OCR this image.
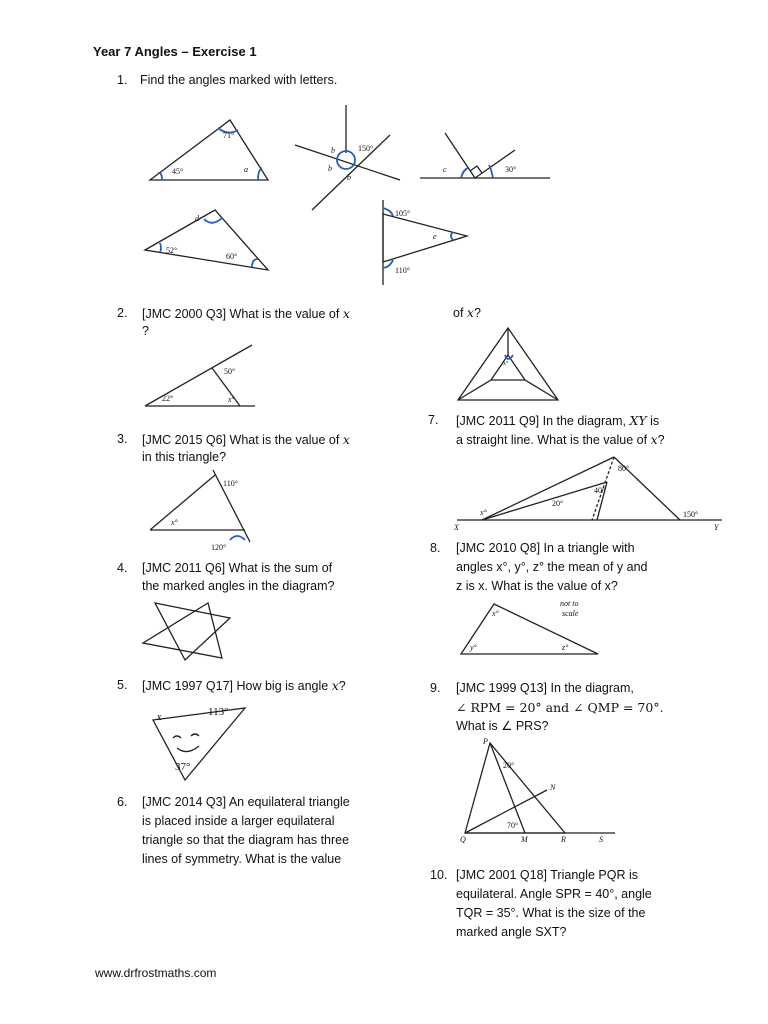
Year 7 Angles – Exercise 1
1. Find the angles marked with letters.
71°
45°	a
150°
b
b
b
c	30°
d
52°
60°
105°
e
110°
2. [JMC 2000 Q3] What is the value of x
?
50°
22°	x°
3. [JMC 2015 Q6] What is the value of x
in this triangle?
110°
x°
120°
4. [JMC 2011 Q6] What is the sum of
the marked angles in the diagram?
5. [JMC 1997 Q17] How big is angle x?
x	113°
37°
6. [JMC 2014 Q3] An equilateral triangle
is placed inside a larger equilateral
triangle so that the diagram has three
lines of symmetry. What is the value
of x?
x°
7. [JMC 2011 Q9] In the diagram, XY is
a straight line. What is the value of x?
80°
40°
20°
x°	150°
X	Y
8. [JMC 2010 Q8] In a triangle with
angles x°, y°, z° the mean of y and
z is x. What is the value of x?
x°
y°	z°
not to
scale
9. [JMC 1999 Q13] In the diagram,
∠ RPM = 20° and ∠ QMP = 70°.
What is ∠ PRS?
P
N
20°
70°
Q	M	R	S
10. [JMC 2001 Q18] Triangle PQR is
equilateral. Angle SPR = 40°, angle
TQR = 35°. What is the size of the
marked angle SXT?
www.drfrostmaths.com
